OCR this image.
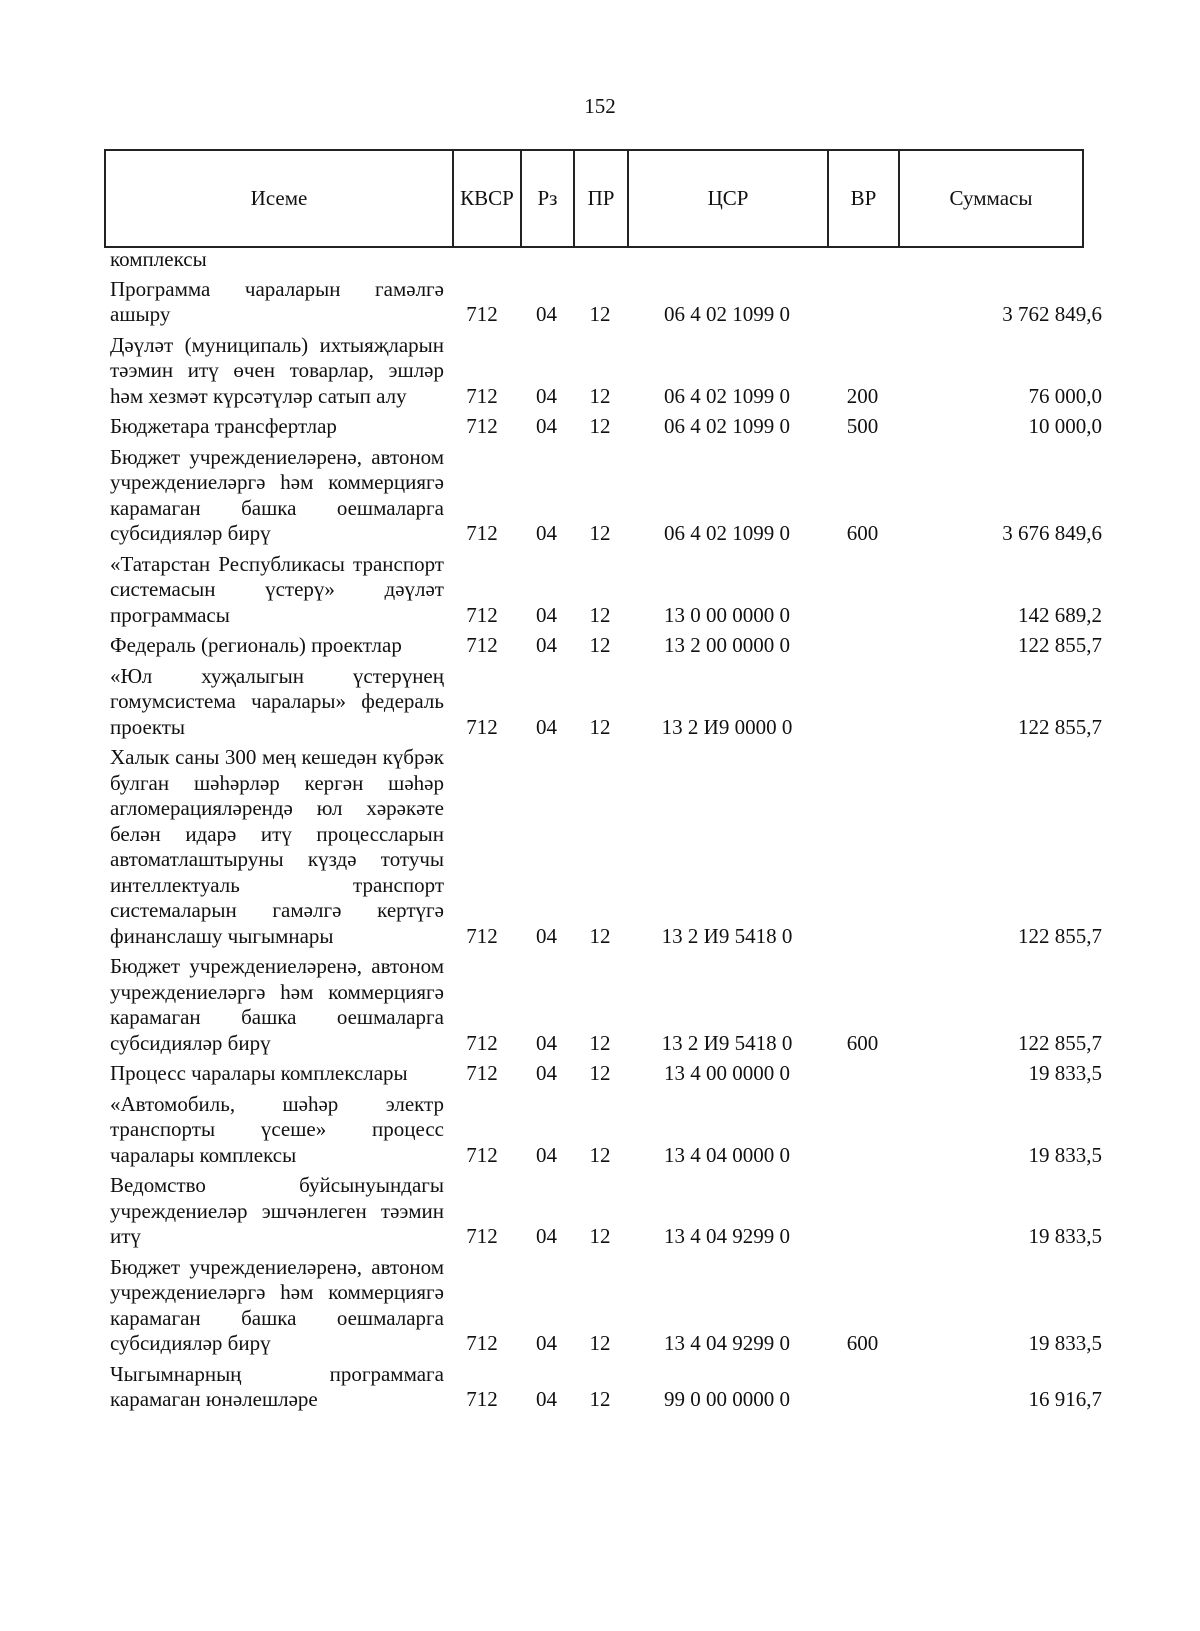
152
Исеме	КВСР	Рз	ПР	ЦСР	ВР	Суммасы
комплексы						
Программа чараларын гамәлгә ашыру	712	04	12	06 4 02 1099 0		3 762 849,6
Дәүләт (муниципаль) ихтыяҗларын тәэмин итү өчен товарлар, эшләр һәм хезмәт күрсәтүләр сатып алу	712	04	12	06 4 02 1099 0	200	76 000,0
Бюджетара трансфертлар	712	04	12	06 4 02 1099 0	500	10 000,0
Бюджет учреждениеләренә, автоном учреждениеләргә һәм коммерциягә карамаган башка оешмаларга субсидияләр бирү	712	04	12	06 4 02 1099 0	600	3 676 849,6
«Татарстан Республикасы транспорт системасын үстерү» дәүләт программасы	712	04	12	13 0 00 0000 0		142 689,2
Федераль (региональ) проектлар	712	04	12	13 2 00 0000 0		122 855,7
«Юл хуҗалыгын үстерүнең гомумсистема чаралары» федераль проекты	712	04	12	13 2 И9 0000 0		122 855,7
Халык саны 300 мең кешедән күбрәк булган шәһәрләр кергән шәһәр агломерацияләрендә юл хәрәкәте белән идарә итү процессларын автоматлаштыруны күздә тотучы интеллектуаль транспорт системаларын гамәлгә кертүгә финанслашу чыгымнары	712	04	12	13 2 И9 5418 0		122 855,7
Бюджет учреждениеләренә, автоном учреждениеләргә һәм коммерциягә карамаган башка оешмаларга субсидияләр бирү	712	04	12	13 2 И9 5418 0	600	122 855,7
Процесс чаралары комплекслары	712	04	12	13 4 00 0000 0		19 833,5
«Автомобиль, шәһәр электр транспорты үсеше» процесс чаралары комплексы	712	04	12	13 4 04 0000 0		19 833,5
Ведомство буйсынуындагы учреждениеләр эшчәнлеген тәэмин итү	712	04	12	13 4 04 9299 0		19 833,5
Бюджет учреждениеләренә, автоном учреждениеләргә һәм коммерциягә карамаган башка оешмаларга субсидияләр бирү	712	04	12	13 4 04 9299 0	600	19 833,5
Чыгымнарның программага карамаган юнәлешләре	712	04	12	99 0 00 0000 0		16 916,7
